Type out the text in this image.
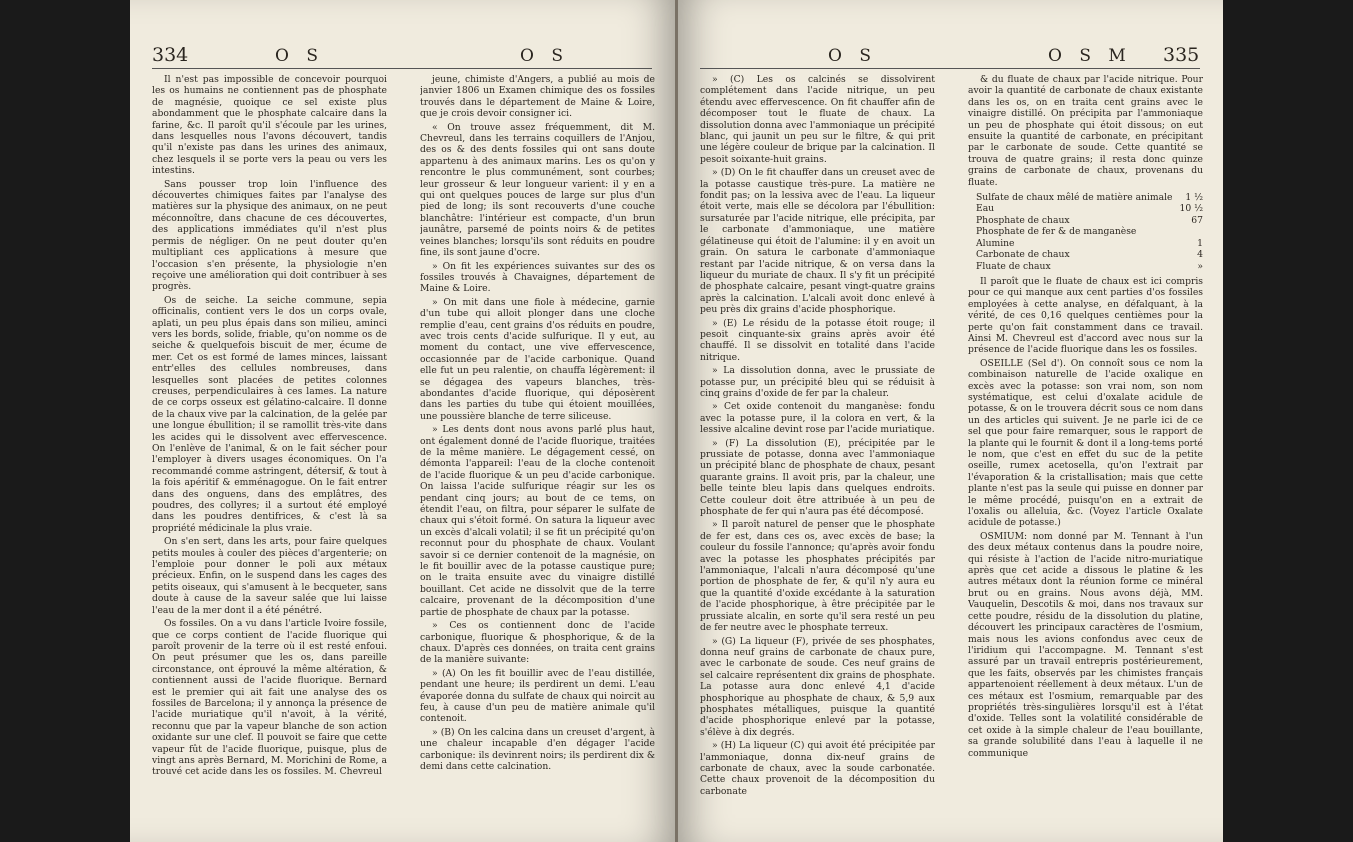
334	O S	O S

Il n'est pas impossible de concevoir pourquoi les os humains ne contiennent pas de phosphate de magnésie, quoique ce sel existe plus abondamment que le phosphate calcaire dans la farine, &c. Il paroît qu'il s'écoule par les urines, dans lesquelles nous l'avons découvert, tandis qu'il n'existe pas dans les urines des animaux, chez lesquels il se porte vers la peau ou vers les intestins.

Sans pousser trop loin l'influence des découvertes chimiques faites par l'analyse des matières sur la physique des animaux, on ne peut méconnoître, dans chacune de ces découvertes, des applications immédiates qu'il n'est plus permis de négliger. On ne peut douter qu'en multipliant ces applications à mesure que l'occasion s'en présente, la physiologie n'en reçoive une amélioration qui doit contribuer à ses progrès.

Os de seiche. La seiche commune, sepia officinalis, contient vers le dos un corps ovale, aplati, un peu plus épais dans son milieu, aminci vers les bords, solide, friable, qu'on nomme os de seiche & quelquefois biscuit de mer, écume de mer. Cet os est formé de lames minces, laissant entr'elles des cellules nombreuses, dans lesquelles sont placées de petites colonnes creuses, perpendiculaires à ces lames. La nature de ce corps osseux est gélatino-calcaire. Il donne de la chaux vive par la calcination, de la gelée par une longue ébullition; il se ramollit très-vite dans les acides qui le dissolvent avec effervescence. On l'enlève de l'animal, & on le fait sécher pour l'employer à divers usages économiques. On l'a recommandé comme astringent, détersif, & tout à la fois apéritif & emménagogue. On le fait entrer dans des onguens, dans des emplâtres, des poudres, des collyres; il a surtout été employé dans les poudres dentifrices, & c'est là sa propriété médicinale la plus vraie.

On s'en sert, dans les arts, pour faire quelques petits moules à couler des pièces d'argenterie; on l'emploie pour donner le poli aux métaux précieux. Enfin, on le suspend dans les cages des petits oiseaux, qui s'amusent à le becqueter, sans doute à cause de la saveur salée que lui laisse l'eau de la mer dont il a été pénétré.

Os fossiles. On a vu dans l'article Ivoire fossile, que ce corps contient de l'acide fluorique qui paroît provenir de la terre où il est resté enfoui. On peut présumer que les os, dans pareille circonstance, ont éprouvé la même altération, & contiennent aussi de l'acide fluorique. Bernard est le premier qui ait fait une analyse des os fossiles de Barcelona; il y annonça la présence de l'acide muriatique qu'il n'avoit, à la vérité, reconnu que par la vapeur blanche de son action oxidante sur une clef. Il pouvoit se faire que cette vapeur fût de l'acide fluorique, puisque, plus de vingt ans après Bernard, M. Morichini de Rome, a trouvé cet acide dans les os fossiles. M. Chevreul

jeune, chimiste d'Angers, a publié au mois de janvier 1806 un Examen chimique des os fossiles trouvés dans le département de Maine & Loire, que je crois devoir consigner ici.

« On trouve assez fréquemment, dit M. Chevreul, dans les terrains coquillers de l'Anjou, des os & des dents fossiles qui ont sans doute appartenu à des animaux marins. Les os qu'on y rencontre le plus communément, sont courbes; leur grosseur & leur longueur varient: il y en a qui ont quelques pouces de large sur plus d'un pied de long; ils sont recouverts d'une couche blanchâtre: l'intérieur est compacte, d'un brun jaunâtre, parsemé de points noirs & de petites veines blanches; lorsqu'ils sont réduits en poudre fine, ils sont jaune d'ocre.

» On fit les expériences suivantes sur des os fossiles trouvés à Chavaignes, département de Maine & Loire.

» On mit dans une fiole à médecine, garnie d'un tube qui alloit plonger dans une cloche remplie d'eau, cent grains d'os réduits en poudre, avec trois cents d'acide sulfurique. Il y eut, au moment du contact, une vive effervescence, occasionnée par de l'acide carbonique. Quand elle fut un peu ralentie, on chauffa légèrement: il se dégagea des vapeurs blanches, très-abondantes d'acide fluorique, qui déposèrent dans les parties du tube qui étoient mouillées, une poussière blanche de terre siliceuse.

» Les dents dont nous avons parlé plus haut, ont également donné de l'acide fluorique, traitées de la même manière. Le dégagement cessé, on démonta l'appareil: l'eau de la cloche contenoit de l'acide fluorique & un peu d'acide carbonique. On laissa l'acide sulfurique réagir sur les os pendant cinq jours; au bout de ce tems, on étendit l'eau, on filtra, pour séparer le sulfate de chaux qui s'étoit formé. On satura la liqueur avec un excès d'alcali volatil; il se fit un précipité qu'on reconnut pour du phosphate de chaux. Voulant savoir si ce dernier contenoit de la magnésie, on le fit bouillir avec de la potasse caustique pure; on le traita ensuite avec du vinaigre distillé bouillant. Cet acide ne dissolvit que de la terre calcaire, provenant de la décomposition d'une partie de phosphate de chaux par la potasse.

» Ces os contiennent donc de l'acide carbonique, fluorique & phosphorique, & de la chaux. D'après ces données, on traita cent grains de la manière suivante:

» (A) On les fit bouillir avec de l'eau distillée, pendant une heure; ils perdirent un demi. L'eau évaporée donna du sulfate de chaux qui noircit au feu, à cause d'un peu de matière animale qu'il contenoit.

» (B) On les calcina dans un creuset d'argent, à une chaleur incapable d'en dégager l'acide carbonique: ils devinrent noirs; ils perdirent dix & demi dans cette calcination.

O S	O S M 335

» (C) Les os calcinés se dissolvirent complétement dans l'acide nitrique, un peu étendu avec effervescence. On fit chauffer afin de décomposer tout le fluate de chaux. La dissolution donna avec l'ammoniaque un précipité blanc, qui jaunit un peu sur le filtre, & qui prit une légère couleur de brique par la calcination. Il pesoit soixante-huit grains.

» (D) On le fit chauffer dans un creuset avec de la potasse caustique très-pure. La matière ne fondit pas; on la lessiva avec de l'eau. La liqueur étoit verte, mais elle se décolora par l'ébullition: sursaturée par l'acide nitrique, elle précipita, par le carbonate d'ammoniaque, une matière gélatineuse qui étoit de l'alumine: il y en avoit un grain. On satura le carbonate d'ammoniaque restant par l'acide nitrique, & on versa dans la liqueur du muriate de chaux. Il s'y fit un précipité de phosphate calcaire, pesant vingt-quatre grains après la calcination. L'alcali avoit donc enlevé à peu près dix grains d'acide phosphorique.

» (E) Le résidu de la potasse étoit rouge; il pesoit cinquante-six grains après avoir été chauffé. Il se dissolvit en totalité dans l'acide nitrique.

» La dissolution donna, avec le prussiate de potasse pur, un précipité bleu qui se réduisit à cinq grains d'oxide de fer par la chaleur.

» Cet oxide contenoit du manganèse: fondu avec la potasse pure, il la colora en vert, & la lessive alcaline devint rose par l'acide muriatique.

» (F) La dissolution (E), précipitée par le prussiate de potasse, donna avec l'ammoniaque un précipité blanc de phosphate de chaux, pesant quarante grains. Il avoit pris, par la chaleur, une belle teinte bleu lapis dans quelques endroits. Cette couleur doit être attribuée à un peu de phosphate de fer qui n'aura pas été décomposé.

» Il paroît naturel de penser que le phosphate de fer est, dans ces os, avec excès de base; la couleur du fossile l'annonce; qu'après avoir fondu avec la potasse les phosphates précipités par l'ammoniaque, l'alcali n'aura décomposé qu'une portion de phosphate de fer, & qu'il n'y aura eu que la quantité d'oxide excédante à la saturation de l'acide phosphorique, à être précipitée par le prussiate alcalin, en sorte qu'il sera resté un peu de fer neutre avec le phosphate terreux.

» (G) La liqueur (F), privée de ses phosphates, donna neuf grains de carbonate de chaux pure, avec le carbonate de soude. Ces neuf grains de sel calcaire représentent dix grains de phosphate. La potasse aura donc enlevé 4,1 d'acide phosphorique au phosphate de chaux, & 5,9 aux phosphates métalliques, puisque la quantité d'acide phosphorique enlevé par la potasse, s'élève à dix degrés.

» (H) La liqueur (C) qui avoit été précipitée par l'ammoniaque, donna dix-neuf grains de carbonate de chaux, avec la soude carbonatée. Cette chaux provenoit de la décomposition du carbonate

& du fluate de chaux par l'acide nitrique. Pour avoir la quantité de carbonate de chaux existante dans les os, on en traita cent grains avec le vinaigre distillé. On précipita par l'ammoniaque un peu de phosphate qui étoit dissous; on eut ensuite la quantité de carbonate, en précipitant par le carbonate de soude. Cette quantité se trouva de quatre grains; il resta donc quinze grains de carbonate de chaux, provenans du fluate.

Sulfate de chaux mêlé de matière animale 1 ½
Eau	10 ½
Phosphate de chaux	67
Phosphate de fer & de manganèse
Alumine	1
Carbonate de chaux	4
Fluate de chaux	»

Il paroît que le fluate de chaux est ici compris pour ce qui manque aux cent parties d'os fossiles employées à cette analyse, en défalquant, à la vérité, de ces 0,16 quelques centièmes pour la perte qu'on fait constamment dans ce travail. Ainsi M. Chevreul est d'accord avec nous sur la présence de l'acide fluorique dans les os fossiles.

OSEILLE (Sel d'). On connoît sous ce nom la combinaison naturelle de l'acide oxalique en excès avec la potasse: son vrai nom, son nom systématique, est celui d'oxalate acidule de potasse, & on le trouvera décrit sous ce nom dans un des articles qui suivent. Je ne parle ici de ce sel que pour faire remarquer, sous le rapport de la plante qui le fournit & dont il a long-tems porté le nom, que c'est en effet du suc de la petite oseille, rumex acetosella, qu'on l'extrait par l'évaporation & la cristallisation; mais que cette plante n'est pas la seule qui puisse en donner par le même procédé, puisqu'on en a extrait de l'oxalis ou alleluia, &c. (Voyez l'article Oxalate acidule de potasse.)

OSMIUM: nom donné par M. Tennant à l'un des deux métaux contenus dans la poudre noire, qui résiste à l'action de l'acide nitro-muriatique après que cet acide a dissous le platine & les autres métaux dont la réunion forme ce minéral brut ou en grains. Nous avons déjà, MM. Vauquelin, Descotils & moi, dans nos travaux sur cette poudre, résidu de la dissolution du platine, découvert les principaux caractères de l'osmium, mais nous les avions confondus avec ceux de l'iridium qui l'accompagne. M. Tennant s'est assuré par un travail entrepris postérieurement, que les faits, observés par les chimistes français appartenoient réellement à deux métaux. L'un de ces métaux est l'osmium, remarquable par des propriétés très-singulières lorsqu'il est à l'état d'oxide. Telles sont la volatilité considérable de cet oxide à la simple chaleur de l'eau bouillante, sa grande solubilité dans l'eau à laquelle il ne communique
